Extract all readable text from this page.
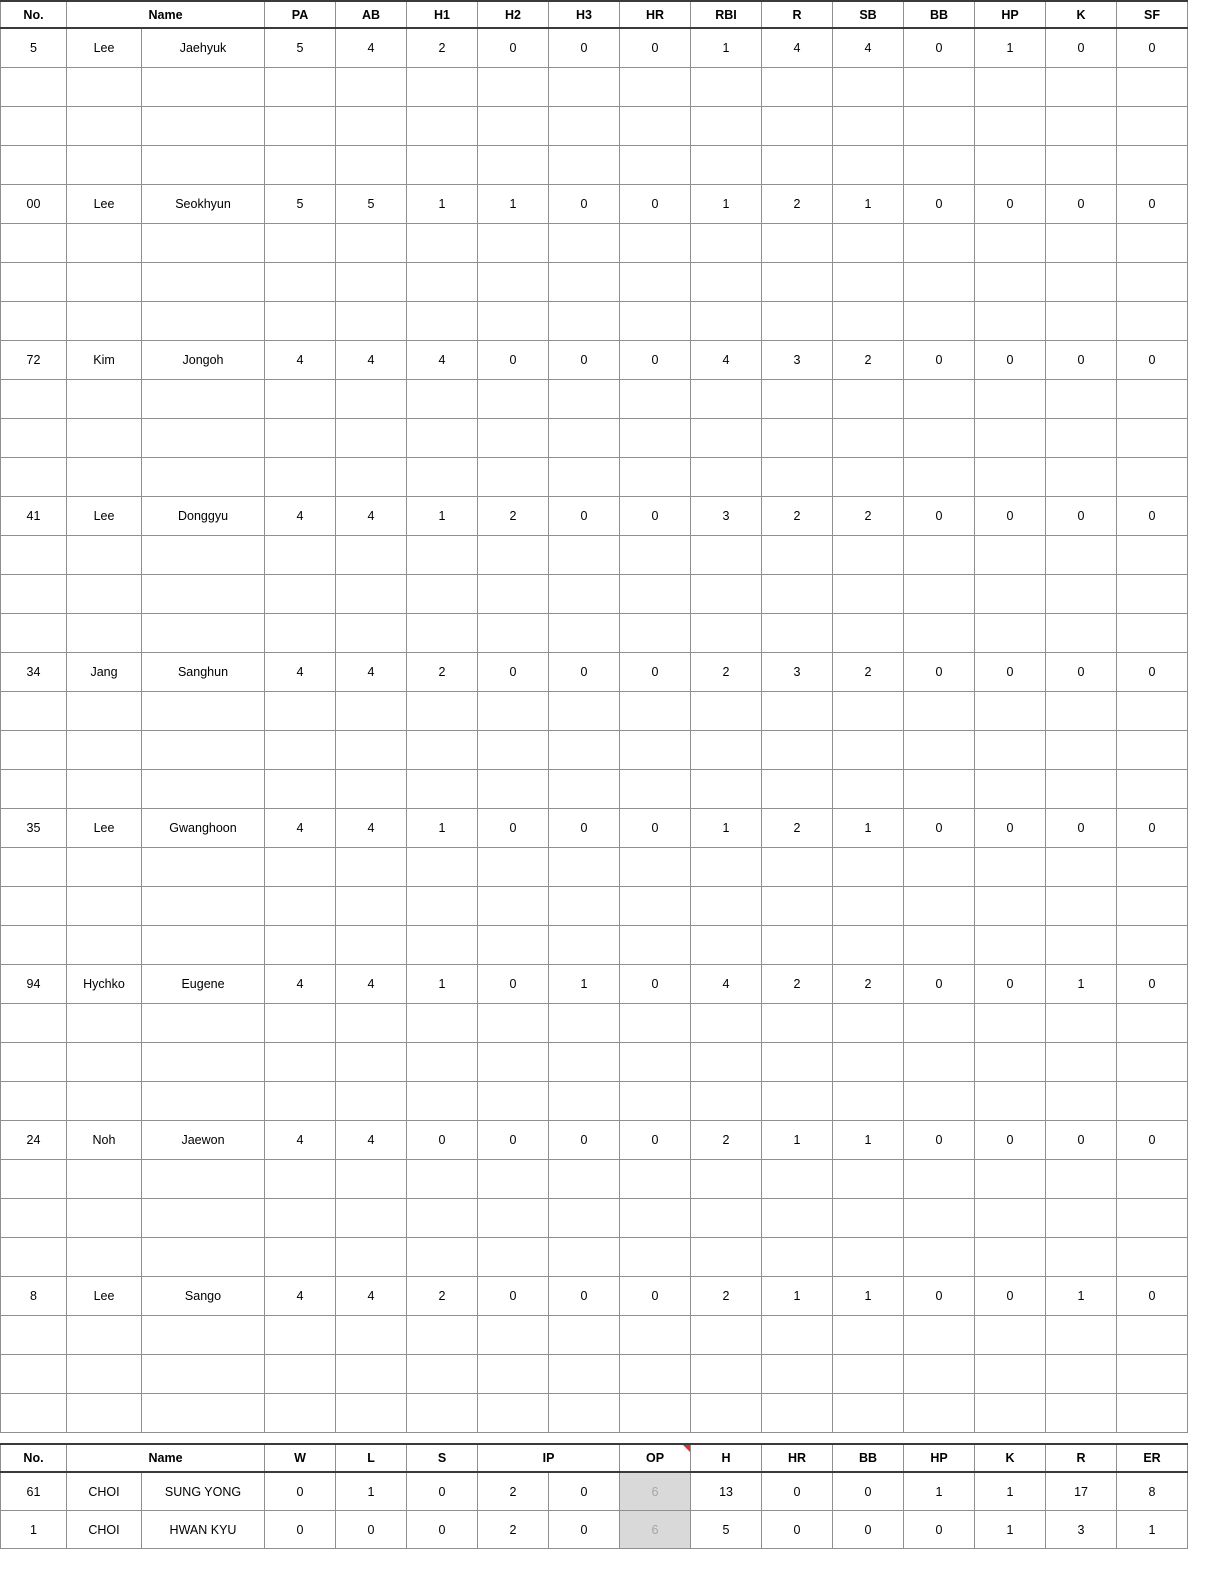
No.	Name		PA	AB	H1	H2	H3	HR	RBI	R	SB	BB	HP	K	SF
5	Lee	Jaehyuk	5	4	2	0	0	0	1	4	4	0	1	0	0

00	Lee	Seokhyun	5	5	1	1	0	0	1	2	1	0	0	0	0

72	Kim	Jongoh	4	4	4	0	0	0	4	3	2	0	0	0	0

41	Lee	Donggyu	4	4	1	2	0	0	3	2	2	0	0	0	0

34	Jang	Sanghun	4	4	2	0	0	0	2	3	2	0	0	0	0

35	Lee	Gwanghoon	4	4	1	0	0	0	1	2	1	0	0	0	0

94	Hychko	Eugene	4	4	1	0	1	0	4	2	2	0	0	1	0

24	Noh	Jaewon	4	4	0	0	0	0	2	1	1	0	0	0	0

8	Lee	Sango	4	4	2	0	0	0	2	1	1	0	0	1	0

No.	Name		W	L	S	IP		OP	H	HR	BB	HP	K	R	ER
61	CHOI	SUNG YONG	0	1	0	2	0	6	13	0	0	1	1	17	8
1	CHOI	HWAN KYU	0	0	0	2	0	6	5	0	0	0	1	3	1
